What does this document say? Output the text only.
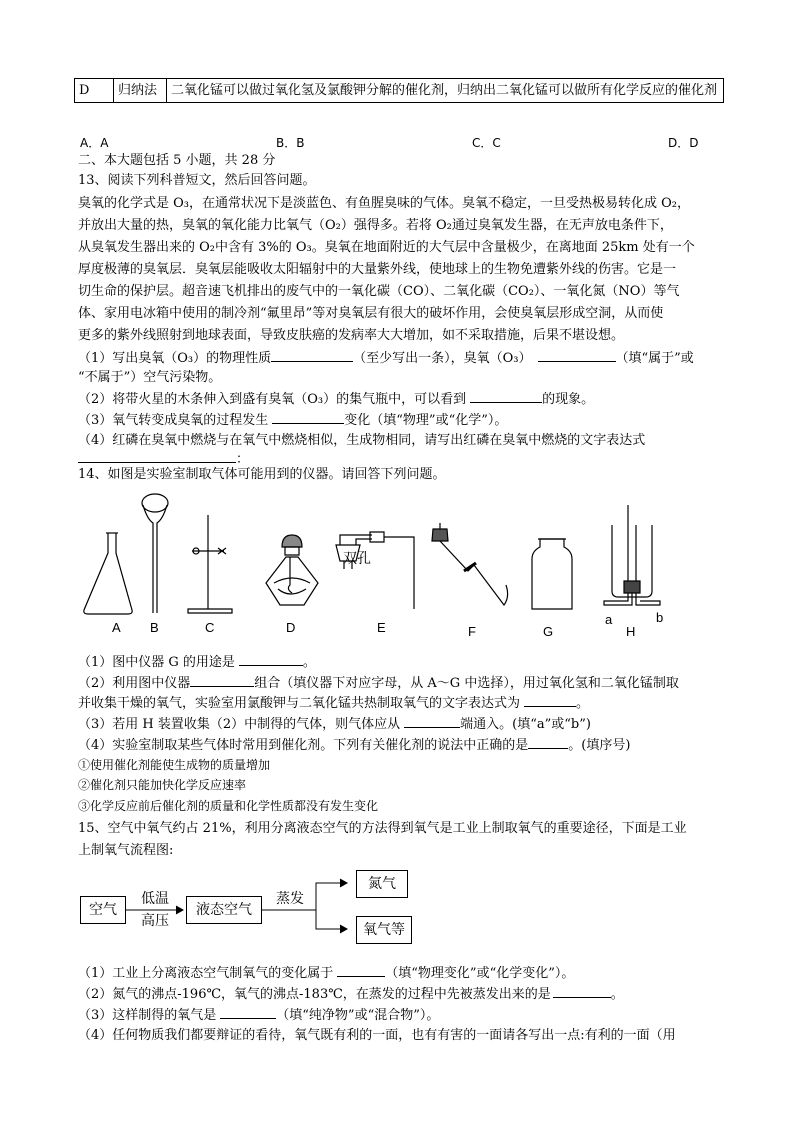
D	归纳法	二氧化锰可以做过氧化氢及氯酸钾分解的催化剂，归纳出二氧化锰可以做所有化学反应的催化剂
A．A	B．B	C．C	D．D
二、本大题包括 5 小题，共 28 分
13、阅读下列科普短文，然后回答问题。
臭氧的化学式是 O₃，在通常状况下是淡蓝色、有鱼腥臭味的气体。臭氧不稳定，一旦受热极易转化成 O₂，
并放出大量的热，臭氧的氧化能力比氧气（O₂）强得多。若将 O₂通过臭氧发生器，在无声放电条件下，
从臭氧发生器出来的 O₂中含有 3%的 O₃。臭氧在地面附近的大气层中含量极少，在离地面 25km 处有一个
厚度极薄的臭氧层．臭氧层能吸收太阳辐射中的大量紫外线，使地球上的生物免遭紫外线的伤害。它是一
切生命的保护层。超音速飞机排出的废气中的一氧化碳（CO）、二氧化碳（CO₂）、一氧化氮（NO）等气
体、家用电冰箱中使用的制冷剂“氟里昂”等对臭氧层有很大的破坏作用，会使臭氧层形成空洞，从而使
更多的紫外线照射到地球表面，导致皮肤癌的发病率大大增加，如不采取措施，后果不堪设想。
（1）写出臭氧（O₃）的物理性质	（至少写出一条），臭氧（O₃）	（填“属于”或
“不属于”）空气污染物。
（2）将带火星的木条伸入到盛有臭氧（O₃）的集气瓶中，可以看到	的现象。
（3）氧气转变成臭氧的过程发生	变化（填“物理”或“化学”）。
（4）红磷在臭氧中燃烧与在氧气中燃烧相似，生成物相同，请写出红磷在臭氧中燃烧的文字表达式
：
14、如图是实验室制取气体可能用到的仪器。请回答下列问题。
双孔
A B	C	D	E	F	G	H
a	b
（1）图中仪器 G 的用途是	。
（2）利用图中仪器	组合（填仪器下对应字母，从 A～G 中选择），用过氧化氢和二氧化锰制取
并收集干燥的氧气，实验室用氯酸钾与二氧化锰共热制取氧气的文字表达式为	。
（3）若用 H 装置收集（2）中制得的气体，则气体应从	端通入。(填“a”或“b”)
（4）实验室制取某些气体时常用到催化剂。下列有关催化剂的说法中正确的是	。(填序号)
①使用催化剂能使生成物的质量增加
②催化剂只能加快化学反应速率
③化学反应前后催化剂的质量和化学性质都没有发生变化
15、空气中氧气约占 21%，利用分离液态空气的方法得到氧气是工业上制取氧气的重要途径，下面是工业
上制氧气流程图:
空气
低温
高压
液态空气
蒸发
氮气
氧气等
（1）工业上分离液态空气制氧气的变化属于	（填“物理变化”或“化学变化”）。
（2）氮气的沸点-196℃，氧气的沸点-183℃，在蒸发的过程中先被蒸发出来的是	。
（3）这样制得的氧气是	（填“纯净物”或“混合物”）。
（4）任何物质我们都要辩证的看待，氧气既有利的一面，也有有害的一面请各写出一点:有利的一面（用
